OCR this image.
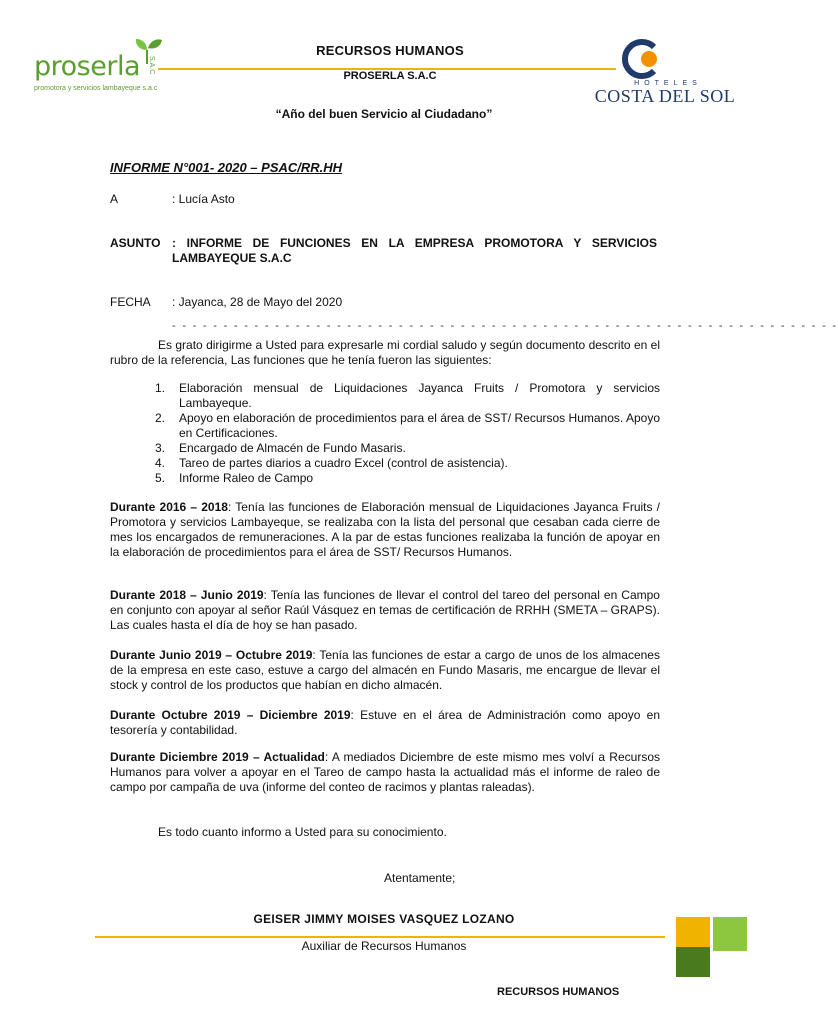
proserla
promotora y servicios lambayeque s.a.c
S.A.C
RECURSOS HUMANOS
PROSERLA S.A.C
HOTELES
COSTA DEL SOL
“Año del buen Servicio al Ciudadano”
INFORME N°001- 2020 – PSAC/RR.HH
A	: Lucía Asto
ASUNTO : INFORME DE FUNCIONES EN LA EMPRESA PROMOTORA Y SERVICIOS LAMBAYEQUE S.A.C
FECHA : Jayanca, 28 de Mayo del 2020
- - - - - - - - - - - - - - - - - - - - - - - - - - - - - - - - - - - - - - - - - - - - - - - - - - - - - - - - - - - - - - - - -
Es grato dirigirme a Usted para expresarle mi cordial saludo y según documento descrito en el rubro de la referencia, Las funciones que he tenía fueron las siguientes:
1. Elaboración mensual de Liquidaciones Jayanca Fruits / Promotora y servicios Lambayeque.
2. Apoyo en elaboración de procedimientos para el área de SST/ Recursos Humanos. Apoyo en Certificaciones.
3. Encargado de Almacén de Fundo Masaris.
4. Tareo de partes diarios a cuadro Excel (control de asistencia).
5. Informe Raleo de Campo
Durante 2016 – 2018: Tenía las funciones de Elaboración mensual de Liquidaciones Jayanca Fruits / Promotora y servicios Lambayeque, se realizaba con la lista del personal que cesaban cada cierre de mes los encargados de remuneraciones. A la par de estas funciones realizaba la función de apoyar en la elaboración de procedimientos para el área de SST/ Recursos Humanos.
Durante 2018 – Junio 2019: Tenía las funciones de llevar el control del tareo del personal en Campo en conjunto con apoyar al señor Raúl Vásquez en temas de certificación de RRHH (SMETA – GRAPS). Las cuales hasta el día de hoy se han pasado.
Durante Junio 2019 – Octubre 2019: Tenía las funciones de estar a cargo de unos de los almacenes de la empresa en este caso, estuve a cargo del almacén en Fundo Masaris, me encargue de llevar el stock y control de los productos que habían en dicho almacén.
Durante Octubre 2019 – Diciembre 2019: Estuve en el área de Administración como apoyo en tesorería y contabilidad.
Durante Diciembre 2019 – Actualidad: A mediados Diciembre de este mismo mes volví a Recursos Humanos para volver a apoyar en el Tareo de campo hasta la actualidad más el informe de raleo de campo por campaña de uva (informe del conteo de racimos y plantas raleadas).
Es todo cuanto informo a Usted para su conocimiento.
Atentamente;
GEISER JIMMY MOISES VASQUEZ LOZANO
Auxiliar de Recursos Humanos
RECURSOS HUMANOS
